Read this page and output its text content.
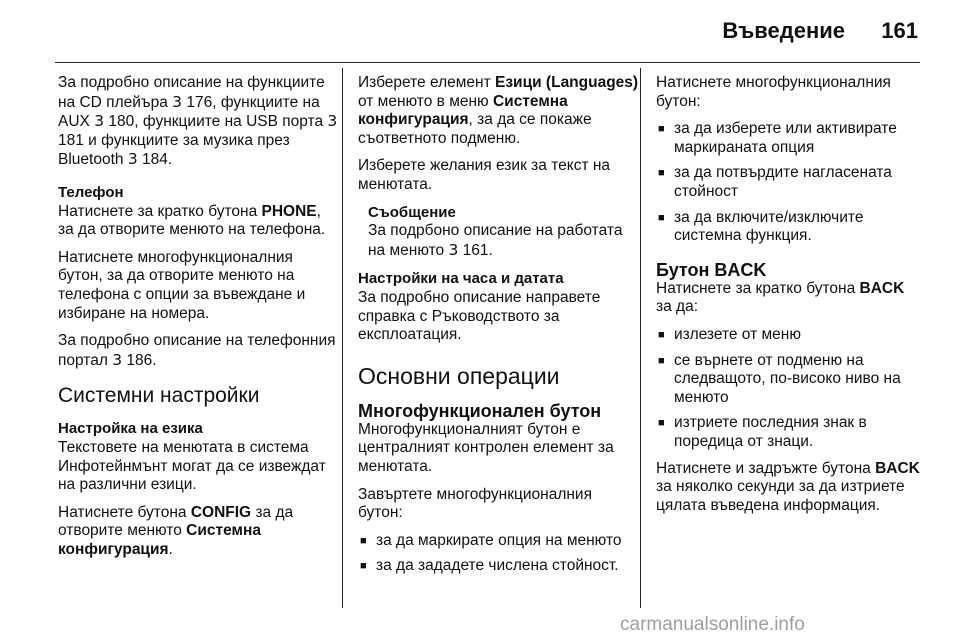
Въведение 161

За подробно описание на функциите на CD плейъра 3 176, функциите на AUX 3 180, функциите на USB порта 3 181 и функциите за музика през Bluetooth 3 184.

Телефон
Натиснете за кратко бутона PHONE, за да отворите менюто на телефона.

Натиснете многофункционалния бутон, за да отворите менюто на телефона с опции за въвеждане и избиране на номера.

За подробно описание на телефонния портал 3 186.

Системни настройки

Настройка на езика
Текстовете на менютата в система Инфотейнмънт могат да се извеждат на различни езици.

Натиснете бутона CONFIG за да отворите менюто Системна конфигурация.

Изберете елемент Езици (Languages) от менюто в меню Системна конфигурация, за да се покаже съответното подменю.

Изберете желания език за текст на менютата.

Съобщение
За подрбоно описание на работата на менюто 3 161.

Настройки на часа и датата
За подробно описание направете справка с Ръководството за експлоатация.

Основни операции
Многофункционален бутон

Многофункционалният бутон е централният контролен елемент за менютата.

Завъртете многофункционалния бутон:

■ за да маркирате опция на менюто
■ за да зададете числена стойност.

Натиснете многофункционалния бутон:

■ за да изберете или активирате маркираната опция
■ за да потвърдите нагласената стойност
■ за да включите/изключите системна функция.
Бутон BACK

Натиснете за кратко бутона BACK за да:

■ излезете от меню
■ се върнете от подменю на следващото, по-високо ниво на менюто
■ изтриете последния знак в поредица от знаци.

Натиснете и задръжте бутона BACK за няколко секунди за да изтриете цялата въведена информация.

carmanualsonline.info
